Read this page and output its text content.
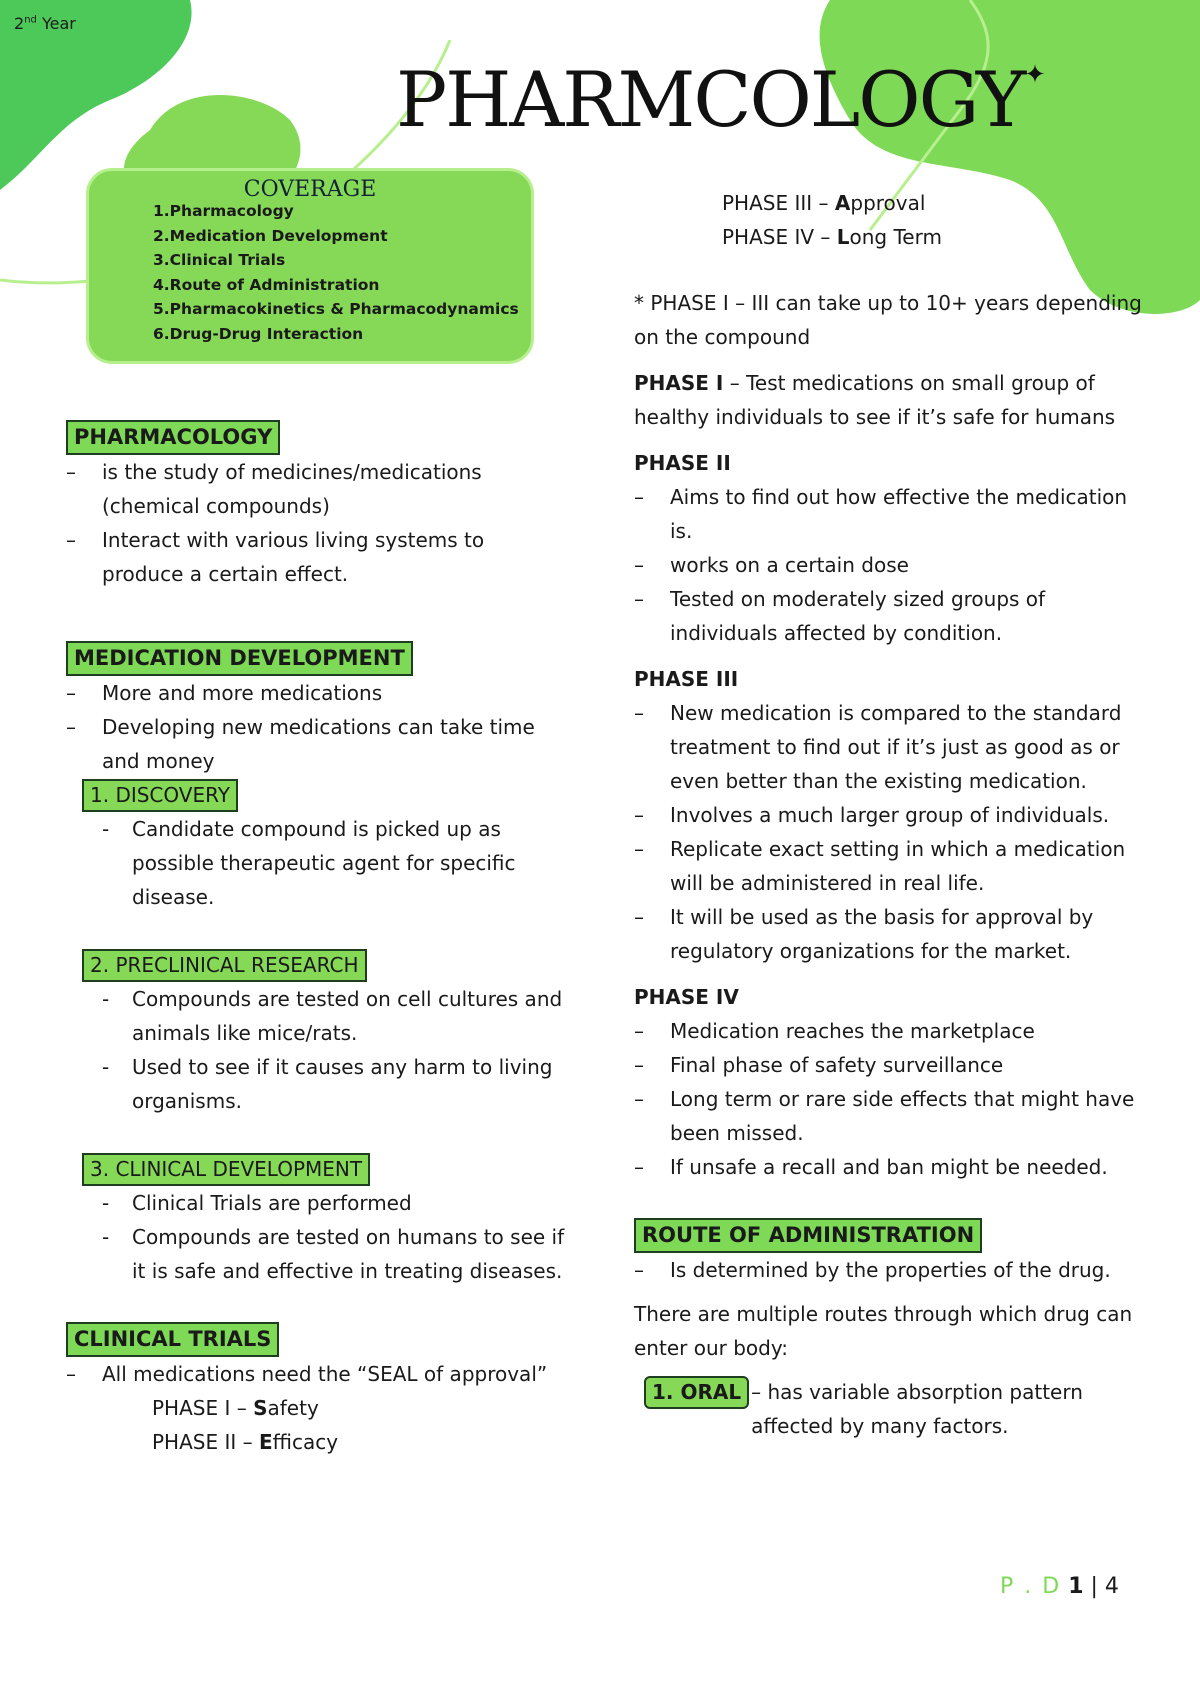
2nd Year
PHARMCOLOGY✦
COVERAGE
1.Pharmacology
2.Medication Development
3.Clinical Trials
4.Route of Administration
5.Pharmacokinetics & Pharmacodynamics
6.Drug-Drug Interaction
PHARMACOLOGY
–	is the study of medicines/medications (chemical compounds)
–	Interact with various living systems to produce a certain effect.
MEDICATION DEVELOPMENT
–	More and more medications
–	Developing new medications can take time and money
1. DISCOVERY
-	Candidate compound is picked up as possible therapeutic agent for specific disease.
2. PRECLINICAL RESEARCH
-	Compounds are tested on cell cultures and animals like mice/rats.
-	Used to see if it causes any harm to living organisms.
3. CLINICAL DEVELOPMENT
-	Clinical Trials are performed
-	Compounds are tested on humans to see if it is safe and effective in treating diseases.
CLINICAL TRIALS
–	All medications need the “SEAL of approval”
PHASE I – Safety
PHASE II – Efficacy
PHASE III – Approval
PHASE IV – Long Term
* PHASE I – III can take up to 10+ years depending on the compound
PHASE I – Test medications on small group of healthy individuals to see if it’s safe for humans
PHASE II
–	Aims to find out how effective the medication is.
–	works on a certain dose
–	Tested on moderately sized groups of individuals affected by condition.
PHASE III
–	New medication is compared to the standard treatment to find out if it’s just as good as or even better than the existing medication.
–	Involves a much larger group of individuals.
–	Replicate exact setting in which a medication will be administered in real life.
–	It will be used as the basis for approval by regulatory organizations for the market.
PHASE IV
–	Medication reaches the marketplace
–	Final phase of safety surveillance
–	Long term or rare side effects that might have been missed.
–	If unsafe a recall and ban might be needed.
ROUTE OF ADMINISTRATION
–	Is determined by the properties of the drug.
There are multiple routes through which drug can enter our body:
1. ORAL – has variable absorption pattern affected by many factors.
P . D 1 | 4
